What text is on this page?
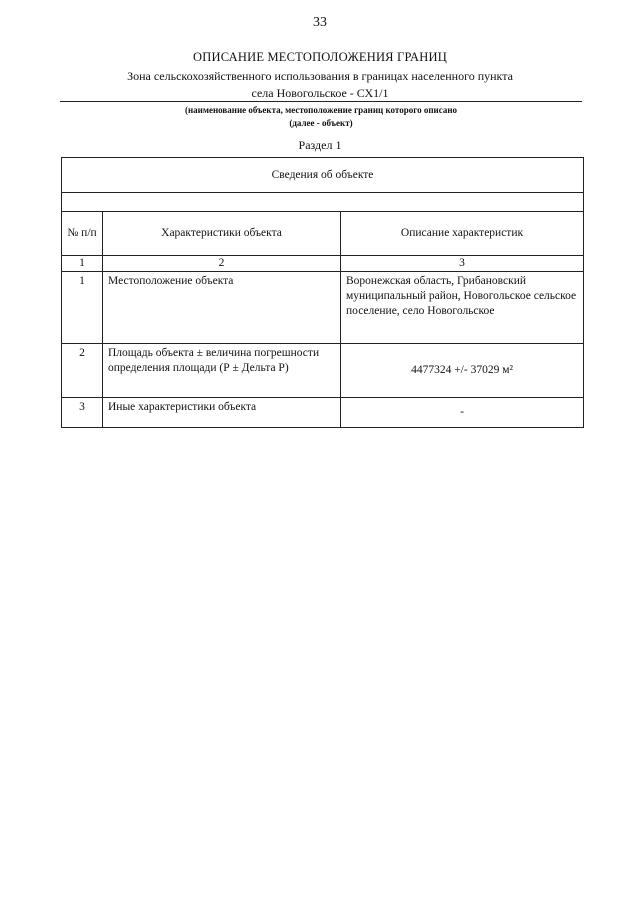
33
ОПИСАНИЕ МЕСТОПОЛОЖЕНИЯ ГРАНИЦ
Зона сельскохозяйственного использования в границах населенного пункта
села Новогольское - СХ1/1
(наименование объекта, местоположение границ которого описано
(далее - объект)
Раздел 1
Сведения об объекте		

№ п/п	Характеристики объекта	Описание характеристик
1	2	3
1	Местоположение объекта	Воронежская область, Грибановский муниципальный район, Новогольское сельское поселение, село Новогольское
2	Площадь объекта ± величина погрешности определения площади (Р ± Дельта Р)	4477324 +/- 37029 м²
3	Иные характеристики объекта	-
